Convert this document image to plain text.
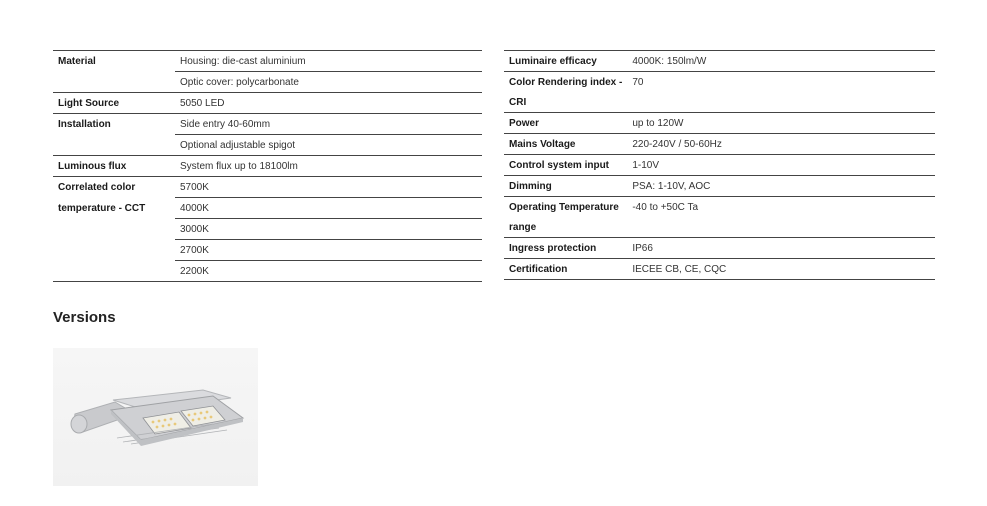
Material	Housing: die-cast aluminium
	Optic cover: polycarbonate
Light Source	5050 LED
Installation	Side entry 40-60mm
	Optional adjustable spigot
Luminous flux	System flux up to 18100lm
Correlated color	5700K
temperature - CCT	4000K
	3000K
	2700K
	2200K
Luminaire efficacy	4000K: 150lm/W
Color Rendering index -	70
CRI	
Power	up to 120W
Mains Voltage	220-240V / 50-60Hz
Control system input	1-10V
Dimming	PSA: 1-10V, AOC
Operating Temperature	-40 to +50C Ta
range	
Ingress protection	IP66
Certification	IECEE CB, CE, CQC
Versions
